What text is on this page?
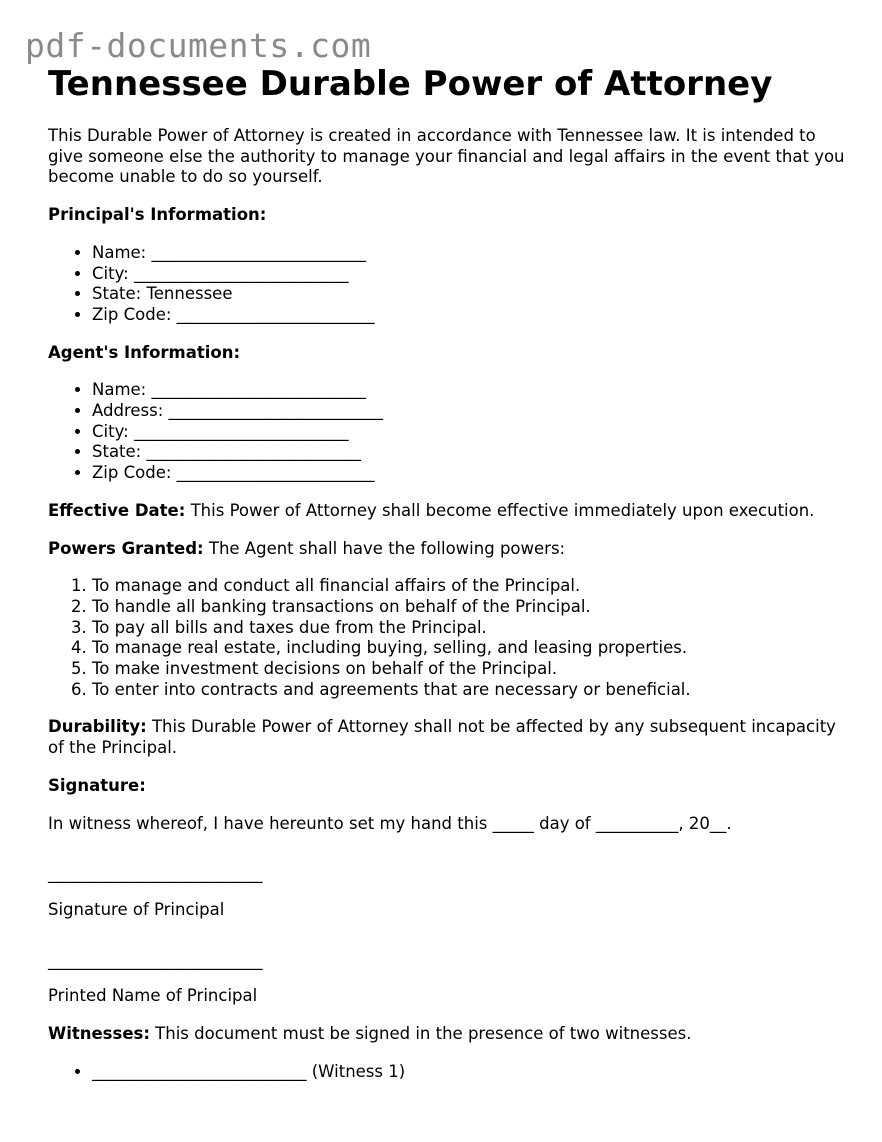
pdf-documents.com
Tennessee Durable Power of Attorney

This Durable Power of Attorney is created in accordance with Tennessee law. It is intended to give someone else the authority to manage your financial and legal affairs in the event that you become unable to do so yourself.

Principal's Information:

• Name: __________________________
• City: __________________________
• State: Tennessee
• Zip Code: ________________________

Agent's Information:

• Name: __________________________
• Address: __________________________
• City: __________________________
• State: __________________________
• Zip Code: ________________________

Effective Date: This Power of Attorney shall become effective immediately upon execution.

Powers Granted: The Agent shall have the following powers:

1. To manage and conduct all financial affairs of the Principal.
2. To handle all banking transactions on behalf of the Principal.
3. To pay all bills and taxes due from the Principal.
4. To manage real estate, including buying, selling, and leasing properties.
5. To make investment decisions on behalf of the Principal.
6. To enter into contracts and agreements that are necessary or beneficial.

Durability: This Durable Power of Attorney shall not be affected by any subsequent incapacity of the Principal.

Signature:

In witness whereof, I have hereunto set my hand this _____ day of __________, 20__.

__________________________
Signature of Principal
__________________________
Printed Name of Principal

Witnesses: This document must be signed in the presence of two witnesses.

• __________________________ (Witness 1)
